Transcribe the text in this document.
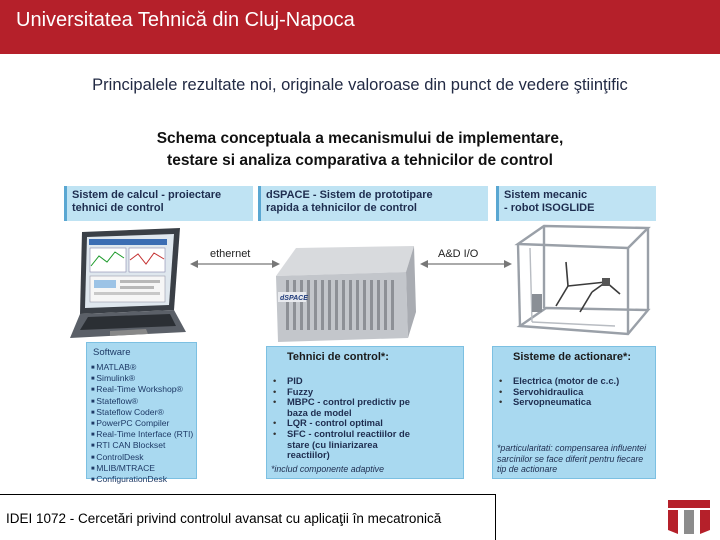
Universitatea Tehnică din Cluj-Napoca
Principalele rezultate noi, originale valoroase din punct de vedere ştiinţific
Schema conceptuala a mecanismului de implementare,
testare si analiza comparativa a tehnicilor de control
Sistem de calcul - proiectare
tehnici de control
dSPACE - Sistem de prototipare
rapida a tehnicilor de control
Sistem mecanic
- robot ISOGLIDE
ethernet	A&D I/O
dSPACE
Software
■ MATLAB®
■ Simulink®
■ Real-Time Workshop®
■ Stateflow®
■ Stateflow Coder®
■ PowerPC Compiler
■ Real-Time Interface (RTI)
■ RTI CAN Blockset
■ ControlDesk
■ MLIB/MTRACE
■ ConfigurationDesk
Tehnici de control*:
• PID
• Fuzzy
• MBPC - control predictiv pe baza de model
• LQR - control optimal
• SFC - controlul reactiilor de stare (cu liniarizarea reactiilor)
*includ componente adaptive
Sisteme de actionare*:
• Electrica (motor de c.c.)
• Servohidraulica
• Servopneumatica
*particularitati: compensarea influentei sarcinilor se face diferit pentru fiecare tip de actionare
IDEI 1072 - Cercetări privind controlul avansat cu aplicaţii în mecatronică
